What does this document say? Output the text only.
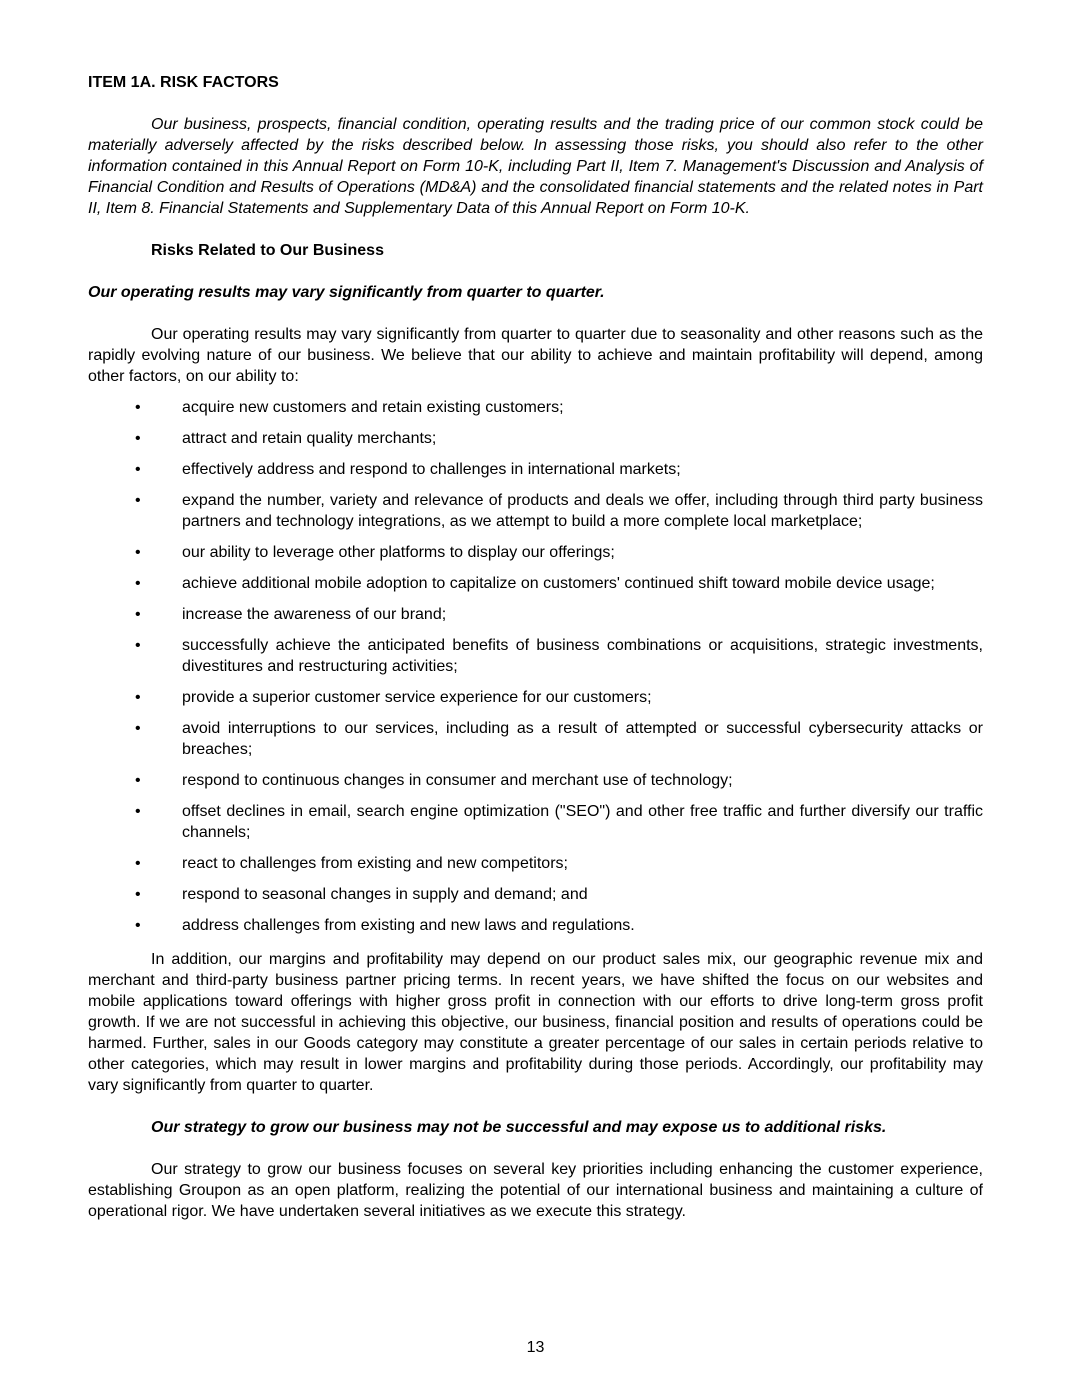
ITEM 1A. RISK FACTORS

Our business, prospects, financial condition, operating results and the trading price of our common stock could be materially adversely affected by the risks described below. In assessing those risks, you should also refer to the other information contained in this Annual Report on Form 10-K, including Part II, Item 7. Management's Discussion and Analysis of Financial Condition and Results of Operations (MD&A) and the consolidated financial statements and the related notes in Part II, Item 8. Financial Statements and Supplementary Data of this Annual Report on Form 10-K.

Risks Related to Our Business

Our operating results may vary significantly from quarter to quarter.

Our operating results may vary significantly from quarter to quarter due to seasonality and other reasons such as the rapidly evolving nature of our business. We believe that our ability to achieve and maintain profitability will depend, among other factors, on our ability to:

•	acquire new customers and retain existing customers;
•	attract and retain quality merchants;
•	effectively address and respond to challenges in international markets;
•	expand the number, variety and relevance of products and deals we offer, including through third party business partners and technology integrations, as we attempt to build a more complete local marketplace;
•	our ability to leverage other platforms to display our offerings;
•	achieve additional mobile adoption to capitalize on customers' continued shift toward mobile device usage;
•	increase the awareness of our brand;
•	successfully achieve the anticipated benefits of business combinations or acquisitions, strategic investments, divestitures and restructuring activities;
•	provide a superior customer service experience for our customers;
•	avoid interruptions to our services, including as a result of attempted or successful cybersecurity attacks or breaches;
•	respond to continuous changes in consumer and merchant use of technology;
•	offset declines in email, search engine optimization ("SEO") and other free traffic and further diversify our traffic channels;
•	react to challenges from existing and new competitors;
•	respond to seasonal changes in supply and demand; and
•	address challenges from existing and new laws and regulations.

In addition, our margins and profitability may depend on our product sales mix, our geographic revenue mix and merchant and third-party business partner pricing terms. In recent years, we have shifted the focus on our websites and mobile applications toward offerings with higher gross profit in connection with our efforts to drive long-term gross profit growth. If we are not successful in achieving this objective, our business, financial position and results of operations could be harmed. Further, sales in our Goods category may constitute a greater percentage of our sales in certain periods relative to other categories, which may result in lower margins and profitability during those periods. Accordingly, our profitability may vary significantly from quarter to quarter.

Our strategy to grow our business may not be successful and may expose us to additional risks.

Our strategy to grow our business focuses on several key priorities including enhancing the customer experience, establishing Groupon as an open platform, realizing the potential of our international business and maintaining a culture of operational rigor. We have undertaken several initiatives as we execute this strategy.

13
